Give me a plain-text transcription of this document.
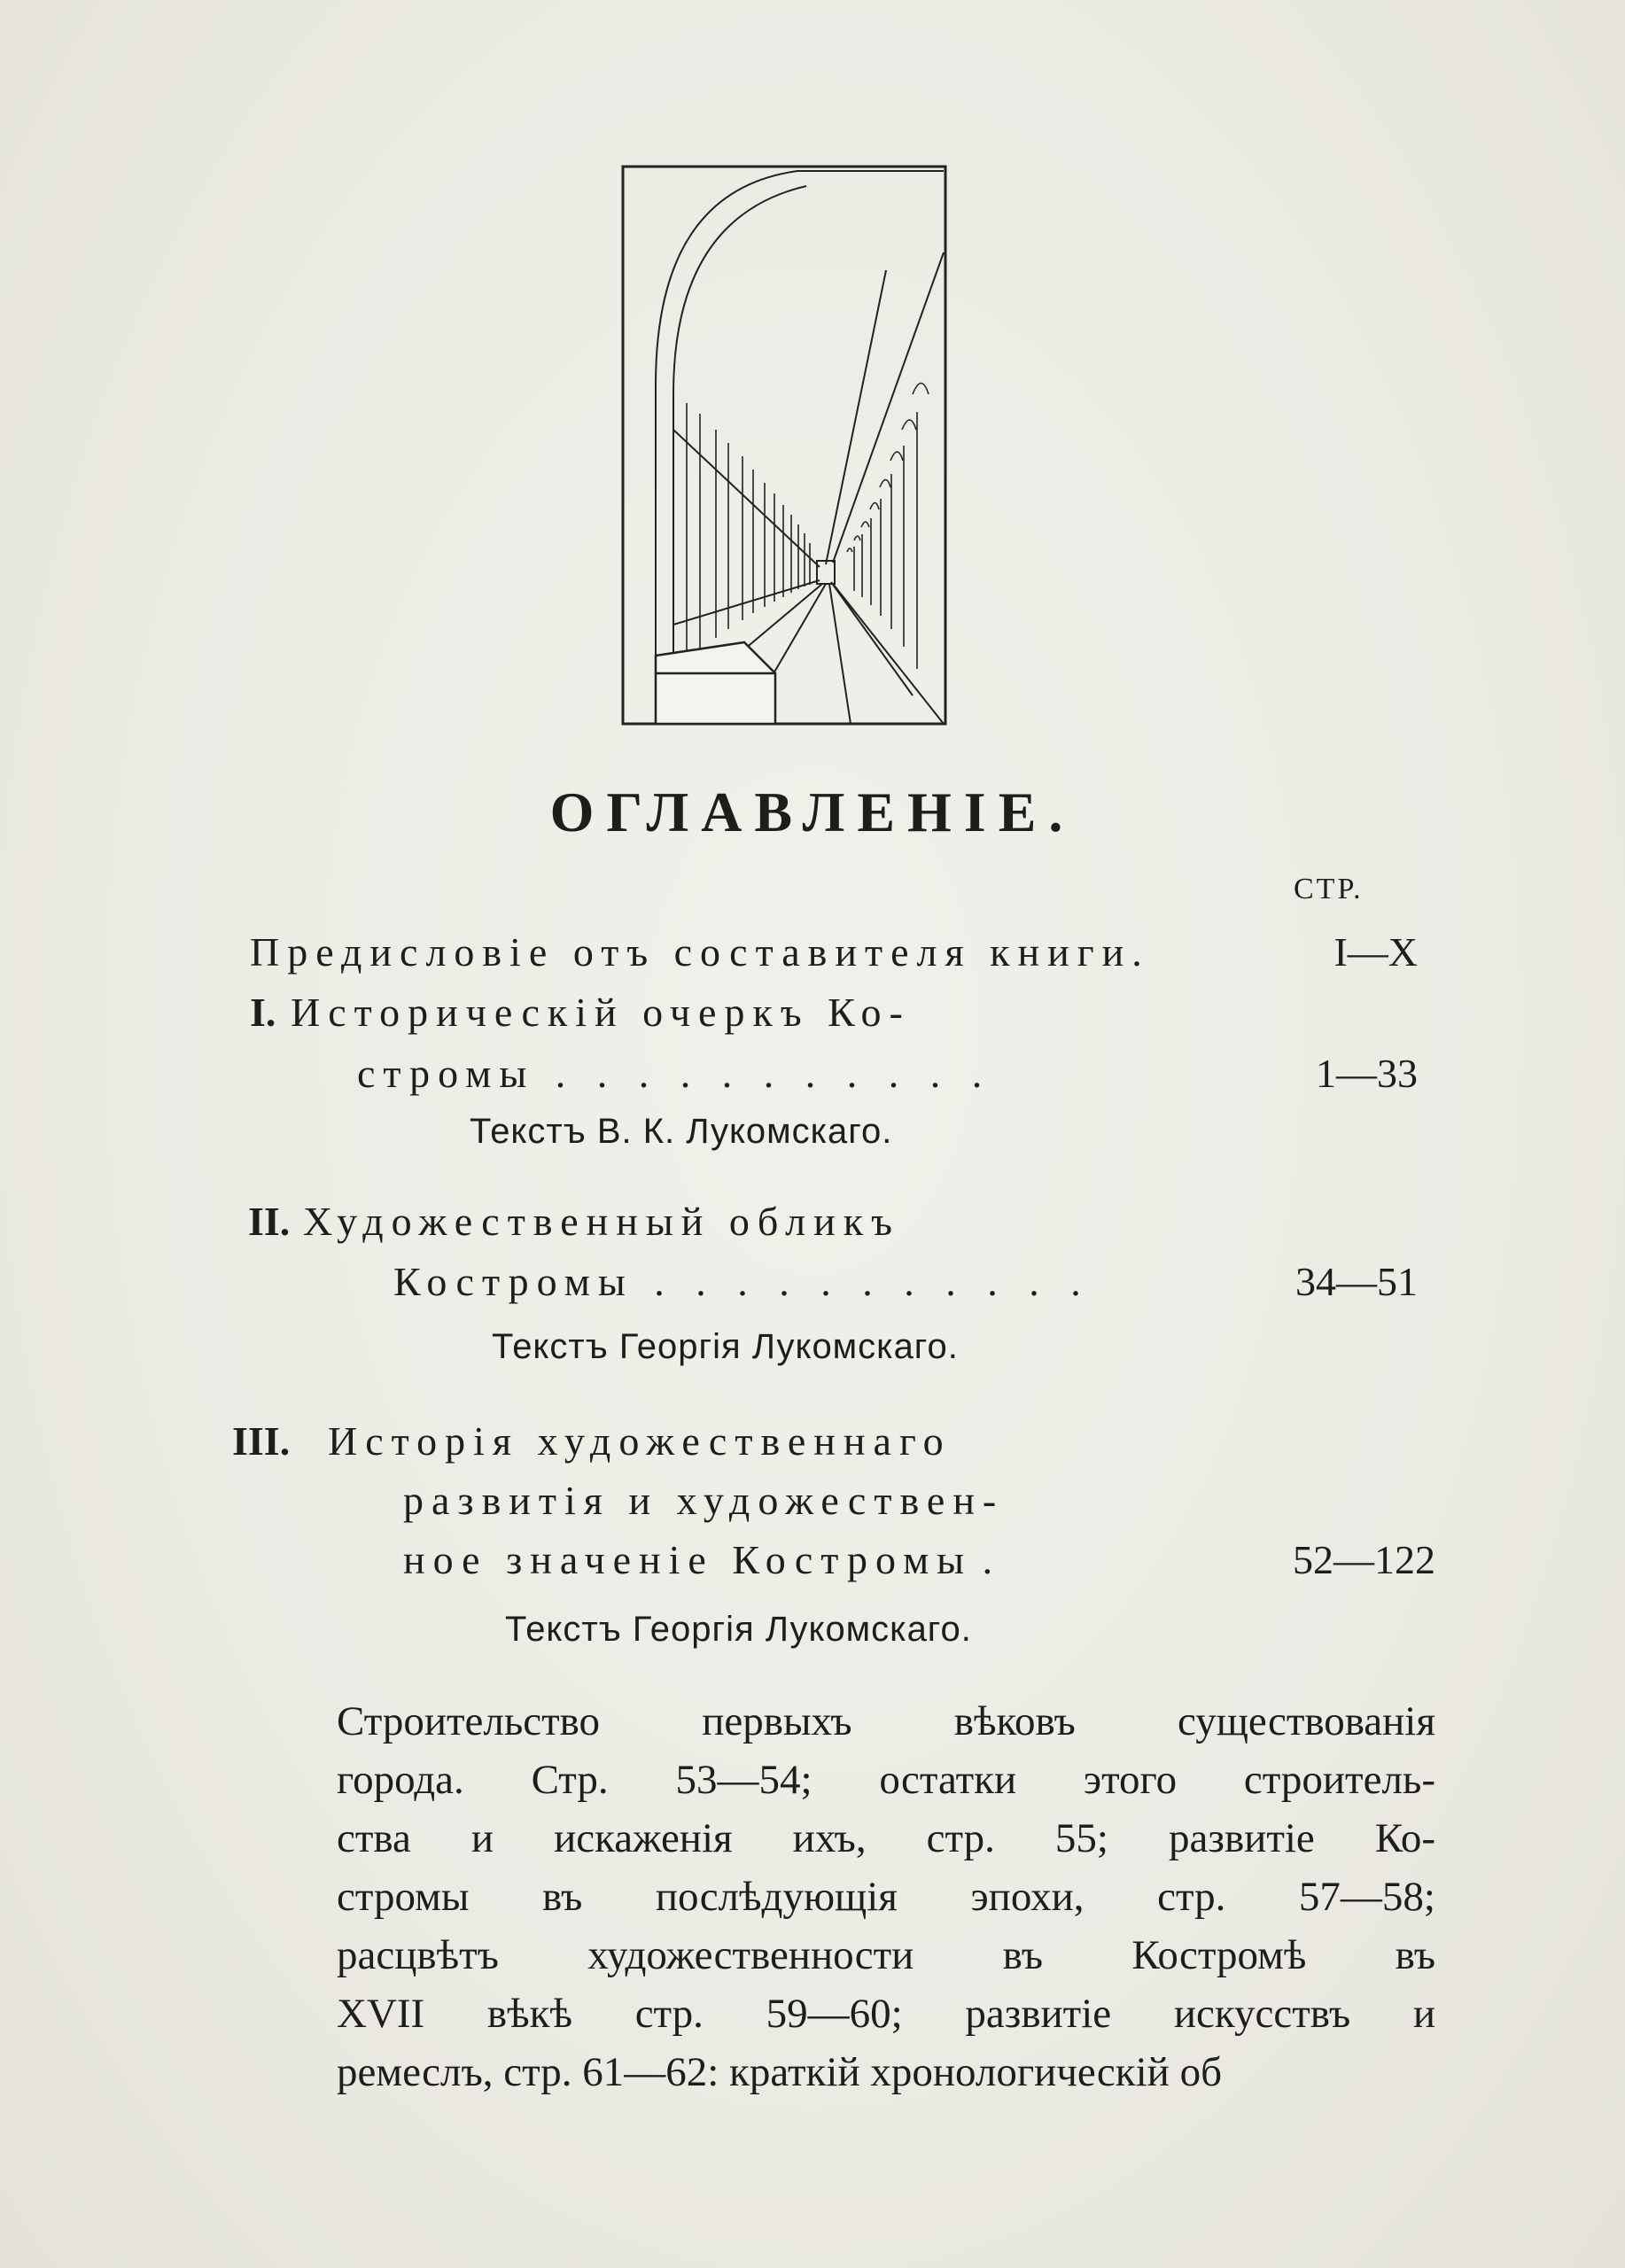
ОГЛАВЛЕНІЕ.
СТР.
Предисловіе отъ составителя книги.	I—X
I. Историческій очеркъ Ко-
стромы . . . . . . . . . . .	1—33
Текстъ В. К. Лукомскаго.
II. Художественный обликъ
Костромы . . . . . . . . . . .	34—51
Текстъ Георгія Лукомскаго.
III. Исторія художественнаго
развитія и художествен-
ное значеніе Костромы .	52—122
Текстъ Георгія Лукомскаго.

Строительство первыхъ вѣковъ существованія

города. Стр. 53—54; остатки этого строитель-

ства и искаженія ихъ, стр. 55; развитіе Ко-

стромы въ послѣдующія эпохи, стр. 57—58;

расцвѣтъ художественности въ Костромѣ въ

XVII вѣкѣ стр. 59—60; развитіе искусствъ и

ремеслъ, стр. 61—62: краткій хронологическій об
